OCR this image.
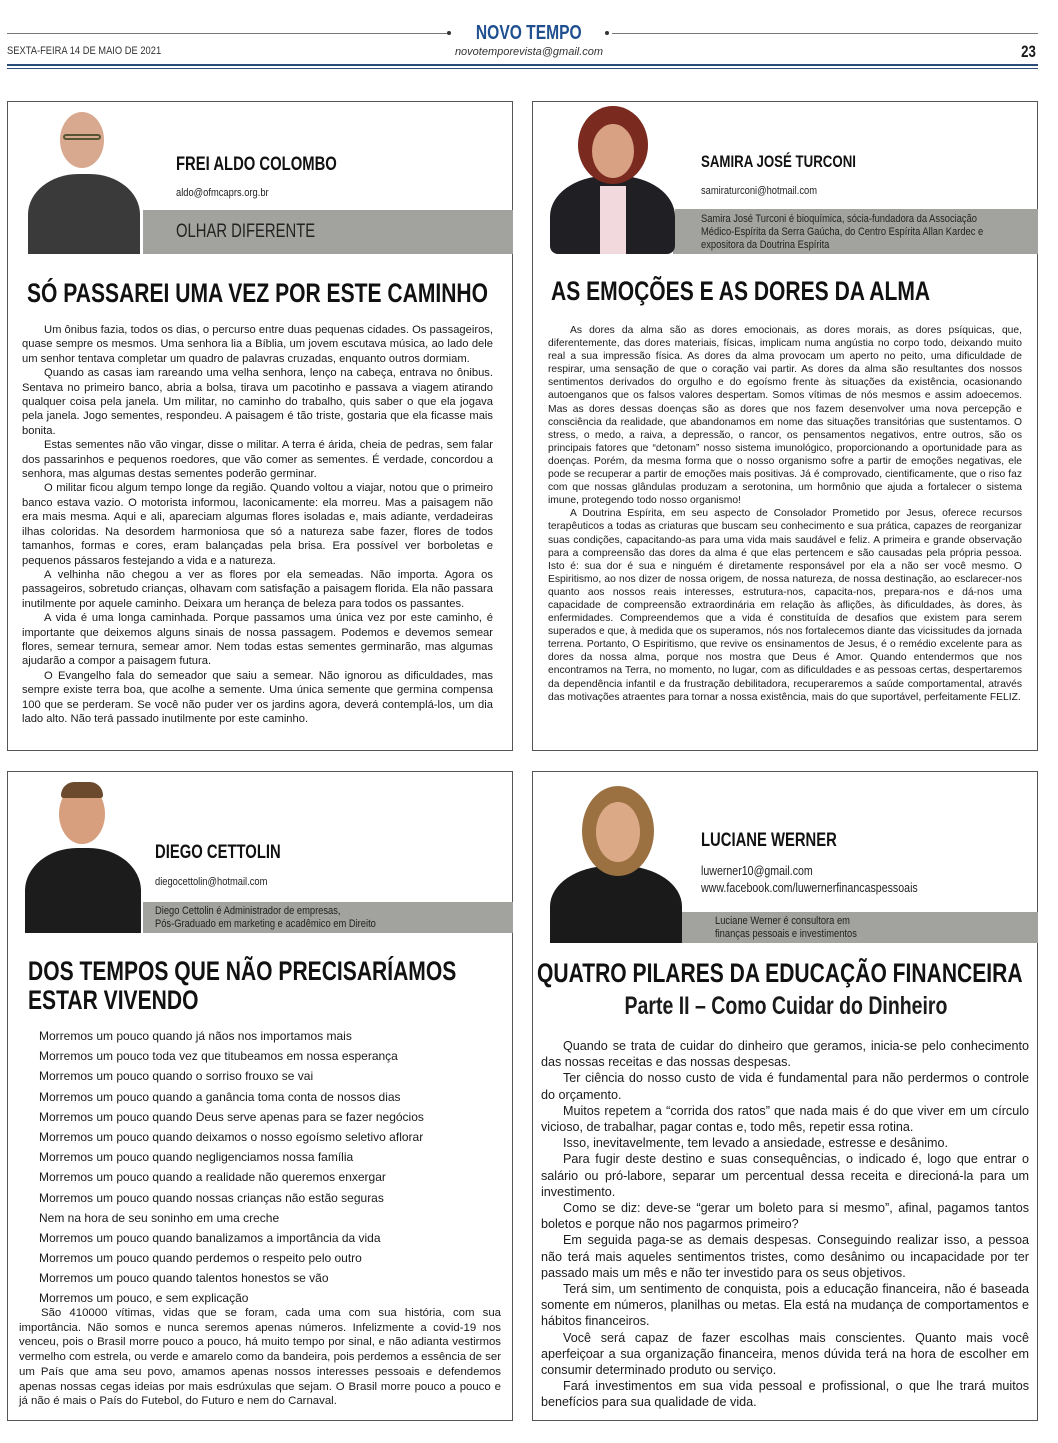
NOVO TEMPO
SEXTA-FEIRA 14 DE MAIO DE 2021	novotemporevista@gmail.com	23
FREI ALDO COLOMBO
aldo@ofmcaprs.org.br
OLHAR DIFERENTE
SÓ PASSAREI UMA VEZ POR ESTE CAMINHO

Um ônibus fazia, todos os dias, o percurso entre duas pequenas cidades. Os passageiros, quase sempre os mesmos. Uma senhora lia a Bíblia, um jovem escutava música, ao lado dele um senhor tentava completar um quadro de palavras cruzadas, enquanto outros dormiam.

Quando as casas iam rareando uma velha senhora, lenço na cabeça, entrava no ônibus. Sentava no primeiro banco, abria a bolsa, tirava um pacotinho e passava a viagem atirando qualquer coisa pela janela. Um militar, no caminho do trabalho, quis saber o que ela jogava pela janela. Jogo sementes, respondeu. A paisagem é tão triste, gostaria que ela ficasse mais bonita.

Estas sementes não vão vingar, disse o militar. A terra é árida, cheia de pedras, sem falar dos passarinhos e pequenos roedores, que vão comer as sementes. É verdade, concordou a senhora, mas algumas destas sementes poderão germinar.

O militar ficou algum tempo longe da região. Quando voltou a viajar, notou que o primeiro banco estava vazio. O motorista informou, laconicamente: ela morreu. Mas a paisagem não era mais mesma. Aqui e ali, apareciam algumas flores isoladas e, mais adiante, verdadeiras ilhas coloridas. Na desordem harmoniosa que só a natureza sabe fazer, flores de todos tamanhos, formas e cores, eram balançadas pela brisa. Era possível ver borboletas e pequenos pássaros festejando a vida e a natureza.

A velhinha não chegou a ver as flores por ela semeadas. Não importa. Agora os passageiros, sobretudo crianças, olhavam com satisfação a paisagem florida. Ela não passara inutilmente por aquele caminho. Deixara um herança de beleza para todos os passantes.

A vida é uma longa caminhada. Porque passamos uma única vez por este caminho, é importante que deixemos alguns sinais de nossa passagem. Podemos e devemos semear flores, semear ternura, semear amor. Nem todas estas sementes germinarão, mas algumas ajudarão a compor a paisagem futura.

O Evangelho fala do semeador que saiu a semear. Não ignorou as dificuldades, mas sempre existe terra boa, que acolhe a semente. Uma única semente que germina compensa 100 que se perderam. Se você não puder ver os jardins agora, deverá contemplá-los, um dia lado alto. Não terá passado inutilmente por este caminho.

SAMIRA JOSÉ TURCONI
samiraturconi@hotmail.com
Samira José Turconi é bioquímica, sócia-fundadora da Associação
Médico-Espírita da Serra Gaúcha, do Centro Espírita Allan Kardec e
expositora da Doutrina Espírita
AS EMOÇÕES E AS DORES DA ALMA

As dores da alma são as dores emocionais, as dores morais, as dores psíquicas, que, diferentemente, das dores materiais, físicas, implicam numa angústia no corpo todo, deixando muito real a sua impressão física. As dores da alma provocam um aperto no peito, uma dificuldade de respirar, uma sensação de que o coração vai partir. As dores da alma são resultantes dos nossos sentimentos derivados do orgulho e do egoísmo frente às situações da existência, ocasionando autoenganos que os falsos valores despertam. Somos vítimas de nós mesmos e assim adoecemos. Mas as dores dessas doenças são as dores que nos fazem desenvolver uma nova percepção e consciência da realidade, que abandonamos em nome das situações transitórias que sustentamos. O stress, o medo, a raiva, a depressão, o rancor, os pensamentos negativos, entre outros, são os principais fatores que “detonam” nosso sistema imunológico, proporcionando a oportunidade para as doenças. Porém, da mesma forma que o nosso organismo sofre a partir de emoções negativas, ele pode se recuperar a partir de emoções mais positivas. Já é comprovado, cientificamente, que o riso faz com que nossas glândulas produzam a serotonina, um hormônio que ajuda a fortalecer o sistema imune, protegendo todo nosso organismo!

A Doutrina Espírita, em seu aspecto de Consolador Prometido por Jesus, oferece recursos terapêuticos a todas as criaturas que buscam seu conhecimento e sua prática, capazes de reorganizar suas condições, capacitando-as para uma vida mais saudável e feliz. A primeira e grande observação para a compreensão das dores da alma é que elas pertencem e são causadas pela própria pessoa. Isto é: sua dor é sua e ninguém é diretamente responsável por ela a não ser você mesmo. O Espiritismo, ao nos dizer de nossa origem, de nossa natureza, de nossa destinação, ao esclarecer-nos quanto aos nossos reais interesses, estrutura-nos, capacita-nos, prepara-nos e dá-nos uma capacidade de compreensão extraordinária em relação às aflições, às dificuldades, às dores, às enfermidades. Compreendemos que a vida é constituída de desafios que existem para serem superados e que, à medida que os superamos, nós nos fortalecemos diante das vicissitudes da jornada terrena. Portanto, O Espiritismo, que revive os ensinamentos de Jesus, é o remédio excelente para as dores da nossa alma, porque nos mostra que Deus é Amor. Quando entendermos que nos encontramos na Terra, no momento, no lugar, com as dificuldades e as pessoas certas, despertaremos da dependência infantil e da frustração debilitadora, recuperaremos a saúde comportamental, através das motivações atraentes para tornar a nossa existência, mais do que suportável, perfeitamente FELIZ.

DIEGO CETTOLIN
diegocettolin@hotmail.com
Diego Cettolin é Administrador de empresas,
Pós-Graduado em marketing e acadêmico em Direito
DOS TEMPOS QUE NÃO PRECISARÍAMOS
ESTAR VIVENDO
Morremos um pouco quando já nãos nos importamos mais
Morremos um pouco toda vez que titubeamos em nossa esperança
Morremos um pouco quando o sorriso frouxo se vai
Morremos um pouco quando a ganância toma conta de nossos dias
Morremos um pouco quando Deus serve apenas para se fazer negócios
Morremos um pouco quando deixamos o nosso egoísmo seletivo aflorar
Morremos um pouco quando negligenciamos nossa família
Morremos um pouco quando a realidade não queremos enxergar
Morremos um pouco quando nossas crianças não estão seguras
Nem na hora de seu soninho em uma creche
Morremos um pouco quando banalizamos a importância da vida
Morremos um pouco quando perdemos o respeito pelo outro
Morremos um pouco quando talentos honestos se vão
Morremos um pouco, e sem explicação

São 410000 vítimas, vidas que se foram, cada uma com sua história, com sua importância. Não somos e nunca seremos apenas números. Infelizmente a covid-19 nos venceu, pois o Brasil morre pouco a pouco, há muito tempo por sinal, e não adianta vestirmos vermelho com estrela, ou verde e amarelo como da bandeira, pois perdemos a essência de ser um País que ama seu povo, amamos apenas nossos interesses pessoais e defendemos apenas nossas cegas ideias por mais esdrúxulas que sejam. O Brasil morre pouco a pouco e já não é mais o País do Futebol, do Futuro e nem do Carnaval.

LUCIANE WERNER
luwerner10@gmail.com
www.facebook.com/luwernerfinancaspessoais
Luciane Werner é consultora em
finanças pessoais e investimentos
QUATRO PILARES DA EDUCAÇÃO FINANCEIRA
Parte II – Como Cuidar do Dinheiro

Quando se trata de cuidar do dinheiro que geramos, inicia-se pelo conhecimento das nossas receitas e das nossas despesas.

Ter ciência do nosso custo de vida é fundamental para não perdermos o controle do orçamento.

Muitos repetem a “corrida dos ratos” que nada mais é do que viver em um círculo vicioso, de trabalhar, pagar contas e, todo mês, repetir essa rotina.

Isso, inevitavelmente, tem levado a ansiedade, estresse e desânimo.

Para fugir deste destino e suas consequências, o indicado é, logo que entrar o salário ou pró-labore, separar um percentual dessa receita e direcioná-la para um investimento.

Como se diz: deve-se “gerar um boleto para si mesmo”, afinal, pagamos tantos boletos e porque não nos pagarmos primeiro?

Em seguida paga-se as demais despesas. Conseguindo realizar isso, a pessoa não terá mais aqueles sentimentos tristes, como desânimo ou incapacidade por ter passado mais um mês e não ter investido para os seus objetivos.

Terá sim, um sentimento de conquista, pois a educação financeira, não é baseada somente em números, planilhas ou metas. Ela está na mudança de comportamentos e hábitos financeiros.

Você será capaz de fazer escolhas mais conscientes. Quanto mais você aperfeiçoar a sua organização financeira, menos dúvida terá na hora de escolher em consumir determinado produto ou serviço.

Fará investimentos em sua vida pessoal e profissional, o que lhe trará muitos benefícios para sua qualidade de vida.
